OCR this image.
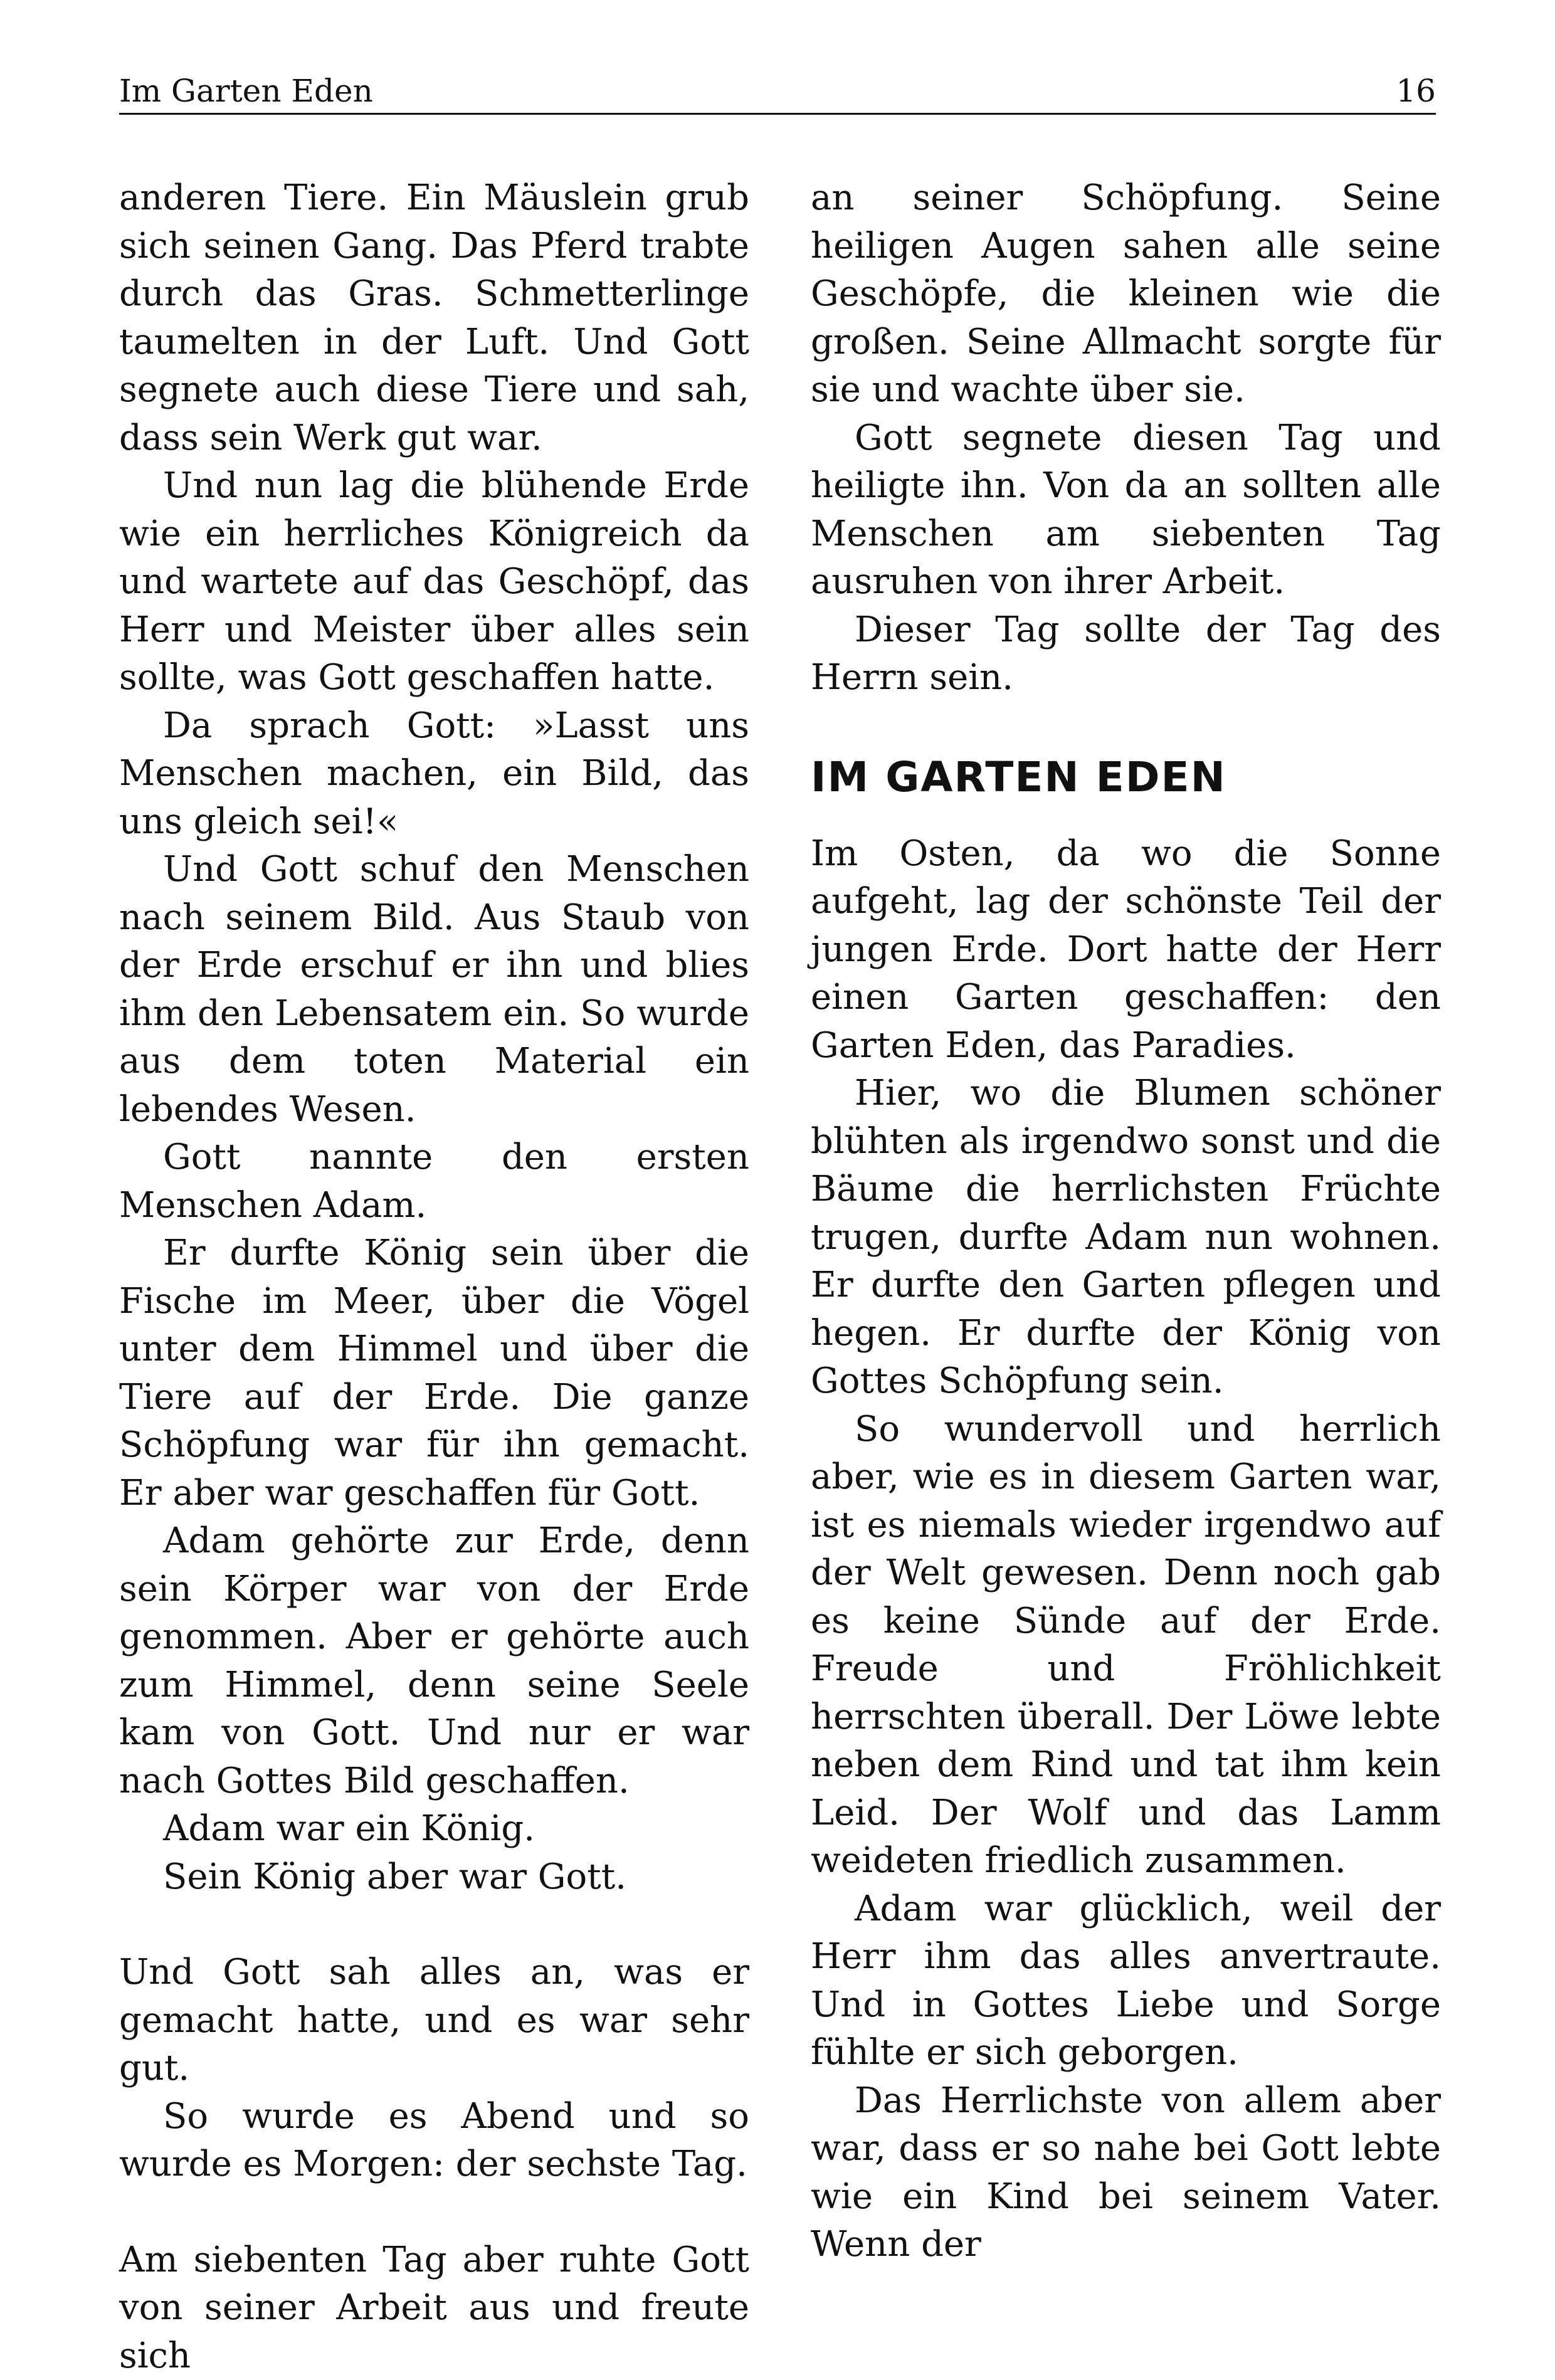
Im Garten Eden	16

anderen Tiere. Ein Mäuslein grub sich seinen Gang. Das Pferd trabte durch das Gras. Schmetterlinge taumelten in der Luft. Und Gott segnete auch diese Tiere und sah, dass sein Werk gut war.

Und nun lag die blühende Erde wie ein herrliches Königreich da und wartete auf das Geschöpf, das Herr und Meister über alles sein sollte, was Gott geschaffen hatte.

Da sprach Gott: »Lasst uns Menschen machen, ein Bild, das uns gleich sei!«

Und Gott schuf den Menschen nach seinem Bild. Aus Staub von der Erde erschuf er ihn und blies ihm den Lebensatem ein. So wurde aus dem toten Material ein lebendes Wesen.

Gott nannte den ersten Menschen Adam.

Er durfte König sein über die Fische im Meer, über die Vögel unter dem Himmel und über die Tiere auf der Erde. Die ganze Schöpfung war für ihn gemacht. Er aber war geschaffen für Gott.

Adam gehörte zur Erde, denn sein Körper war von der Erde genommen. Aber er gehörte auch zum Himmel, denn seine Seele kam von Gott. Und nur er war nach Gottes Bild geschaffen.

Adam war ein König.

Sein König aber war Gott.

Und Gott sah alles an, was er gemacht hatte, und es war sehr gut.

So wurde es Abend und so wurde es Morgen: der sechste Tag.

Am siebenten Tag aber ruhte Gott von seiner Arbeit aus und freute sich

an seiner Schöpfung. Seine heiligen Augen sahen alle seine Geschöpfe, die kleinen wie die großen. Seine Allmacht sorgte für sie und wachte über sie.

Gott segnete diesen Tag und heiligte ihn. Von da an sollten alle Menschen am siebenten Tag ausruhen von ihrer Arbeit.

Dieser Tag sollte der Tag des Herrn sein.

IM GARTEN EDEN

Im Osten, da wo die Sonne aufgeht, lag der schönste Teil der jungen Erde. Dort hatte der Herr einen Garten geschaffen: den Garten Eden, das Paradies.

Hier, wo die Blumen schöner blühten als irgendwo sonst und die Bäume die herrlichsten Früchte trugen, durfte Adam nun wohnen. Er durfte den Garten pflegen und hegen. Er durfte der König von Gottes Schöpfung sein.

So wundervoll und herrlich aber, wie es in diesem Garten war, ist es niemals wieder irgendwo auf der Welt gewesen. Denn noch gab es keine Sünde auf der Erde. Freude und Fröhlichkeit herrschten überall. Der Löwe lebte neben dem Rind und tat ihm kein Leid. Der Wolf und das Lamm weideten friedlich zusammen.

Adam war glücklich, weil der Herr ihm das alles anvertraute. Und in Gottes Liebe und Sorge fühlte er sich geborgen.

Das Herrlichste von allem aber war, dass er so nahe bei Gott lebte wie ein Kind bei seinem Vater. Wenn der
